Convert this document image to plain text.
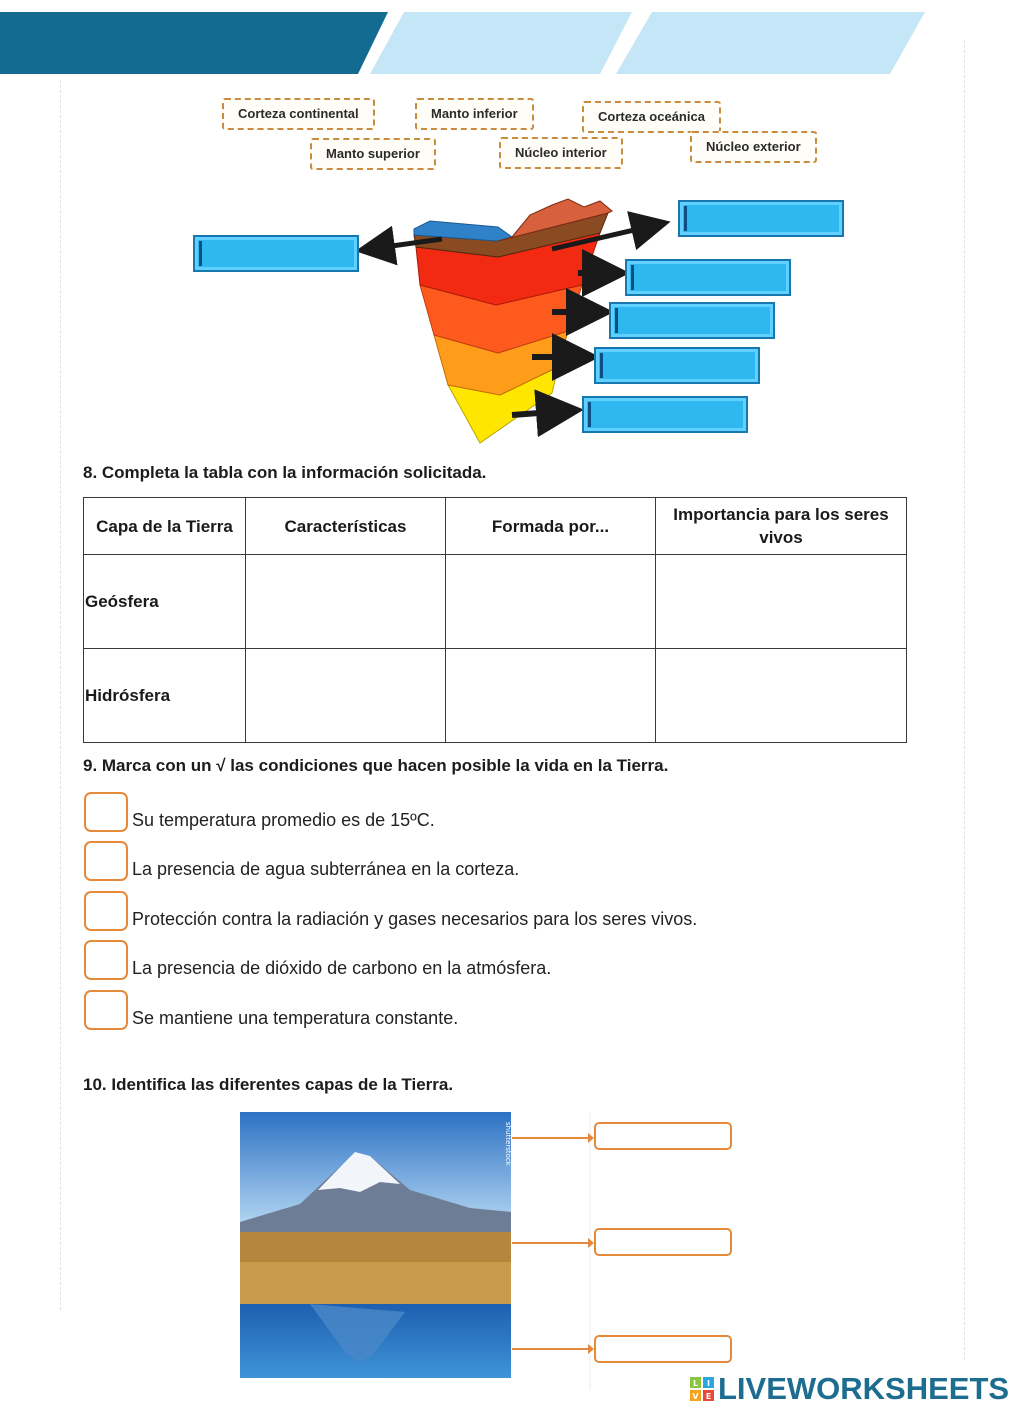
Corteza continental	Manto inferior	Corteza oceánica
Manto superior	Núcleo interior	Núcleo exterior
8. Completa la tabla con la información solicitada.
Capa de la Tierra	Características	Formada por...	Importancia para los seres vivos
Geósfera			
Hidrósfera			
9. Marca con un √ las condiciones que hacen posible la vida en la Tierra.
Su temperatura promedio es de 15ºC.
La presencia de agua subterránea en la corteza.
Protección contra la radiación y gases necesarios para los seres vivos.
La presencia de dióxido de carbono en la atmósfera.
Se mantiene una temperatura constante.
10. Identifica las diferentes capas de la Tierra.
shutterstock
L I
V E LIVEWORKSHEETS
